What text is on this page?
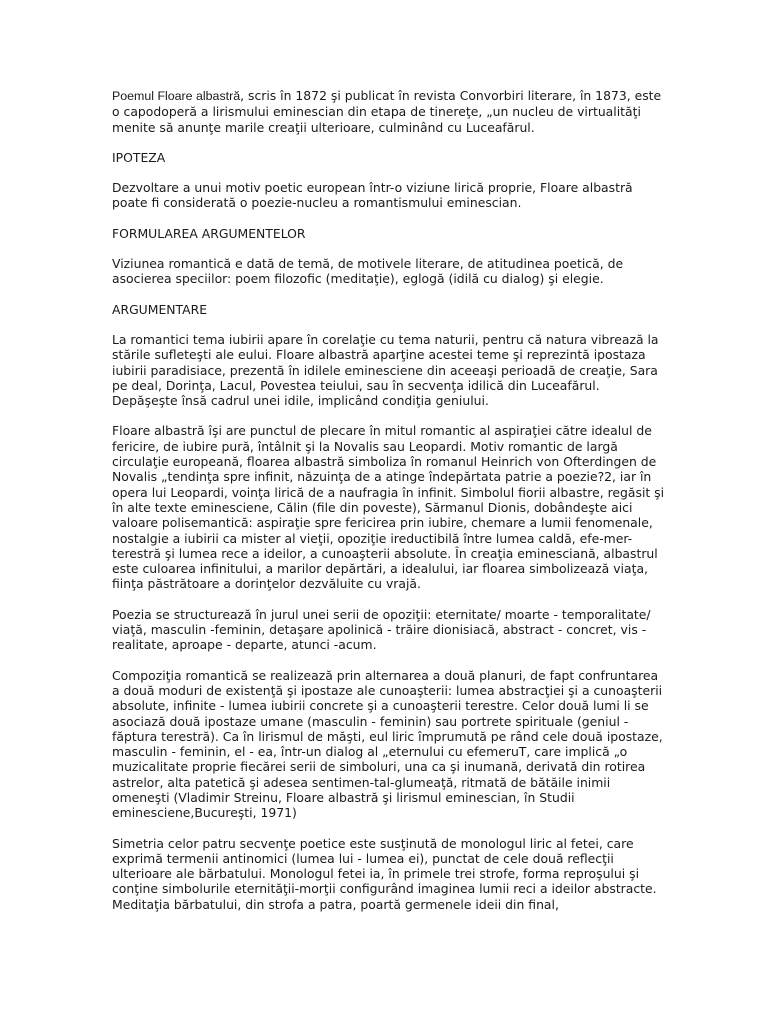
Poemul Floare albastră, scris în 1872 şi publicat în revista Convorbiri literare, în 1873, este o capodoperă a lirismului eminescian din etapa de tinereţe, „un nucleu de virtualităţi menite să anunţe marile creaţii ulterioare, culminând cu Luceafărul.

IPOTEZA

Dezvoltare a unui motiv poetic european într-o viziune lirică proprie, Floare albastră poate fi considerată o poezie-nucleu a romantismului eminescian.

FORMULAREA ARGUMENTELOR

Viziunea romantică e dată de temă, de motivele literare, de atitudinea poetică, de asocierea speciilor: poem filozofic (meditaţie), eglogă (idilă cu dialog) şi elegie.

ARGUMENTARE

La romantici tema iubirii apare în corelaţie cu tema naturii, pentru că natura vibrează la stările sufleteşti ale eului. Floare albastră aparţine acestei teme şi reprezintă ipostaza iubirii paradisiace, prezentă în idilele eminesciene din aceeaşi perioadă de creaţie, Sara pe deal, Dorinţa, Lacul, Povestea teiului, sau în secvenţa idilică din Luceafărul. Depăşeşte însă cadrul unei idile, implicând condiţia geniului.

Floare albastră îşi are punctul de plecare în mitul romantic al aspiraţiei către idealul de fericire, de iubire pură, întâlnit şi la Novalis sau Leopardi. Motiv romantic de largă circulaţie europeană, floarea albastră simboliza în romanul Heinrich von Ofterdingen de Novalis „tendinţa spre infinit, năzuinţa de a atinge îndepărtata patrie a poezie?2, iar în opera lui Leopardi, voinţa lirică de a naufragia în infinit. Simbolul fiorii albastre, regăsit şi în alte texte eminesciene, Călin (file din poveste), Sărmanul Dionis, dobândeşte aici valoare polisemantică: aspiraţie spre fericirea prin iubire, chemare a lumii fenomenale, nostalgie a iubirii ca mister al vieţii, opoziţie ireductibilă între lumea caldă, efe-mer-terestră şi lumea rece a ideilor, a cunoaşterii absolute. În creaţia eminesciană, albastrul este culoarea infinitului, a marilor depărtări, a idealului, iar floarea simbolizează viaţa, fiinţa păstrătoare a dorinţelor dezvăluite cu vrajă.

Poezia se structurează în jurul unei serii de opoziţii: eternitate/ moarte - temporalitate/ viaţă, masculin -feminin, detaşare apolinică - trăire dionisiacă, abstract - concret, vis - realitate, aproape - departe, atunci -acum.

Compoziţia romantică se realizează prin alternarea a două planuri, de fapt confruntarea a două moduri de existenţă şi ipostaze ale cunoaşterii: lumea abstracţiei şi a cunoaşterii absolute, infinite - lumea iubirii concrete şi a cunoaşterii terestre. Celor două lumi li se asociază două ipostaze umane (masculin - feminin) sau portrete spirituale (geniul - făptura terestră). Ca în lirismul de măşti, eul liric împrumută pe rând cele două ipostaze, masculin - feminin, el - ea, într-un dialog al „eternului cu efemeruT, care implică „o muzicalitate proprie fiecărei serii de simboluri, una ca şi inumană, derivată din rotirea astrelor, alta patetică şi adesea sentimen-tal-glumeaţă, ritmată de bătăile inimii omeneşti (Vladimir Streinu, Floare albastră şi lirismul eminescian, în Studii eminesciene,Bucureşti, 1971)

Simetria celor patru secvenţe poetice este susţinută de monologul liric al fetei, care exprimă termenii antinomici (lumea lui - lumea ei), punctat de cele două reflecţii ulterioare ale bărbatului. Monologul fetei ia, în primele trei strofe, forma reproşului şi conţine simbolurile eternităţii-morţii configurând imaginea lumii reci a ideilor abstracte. Meditaţia bărbatului, din strofa a patra, poartă germenele ideii din final,
